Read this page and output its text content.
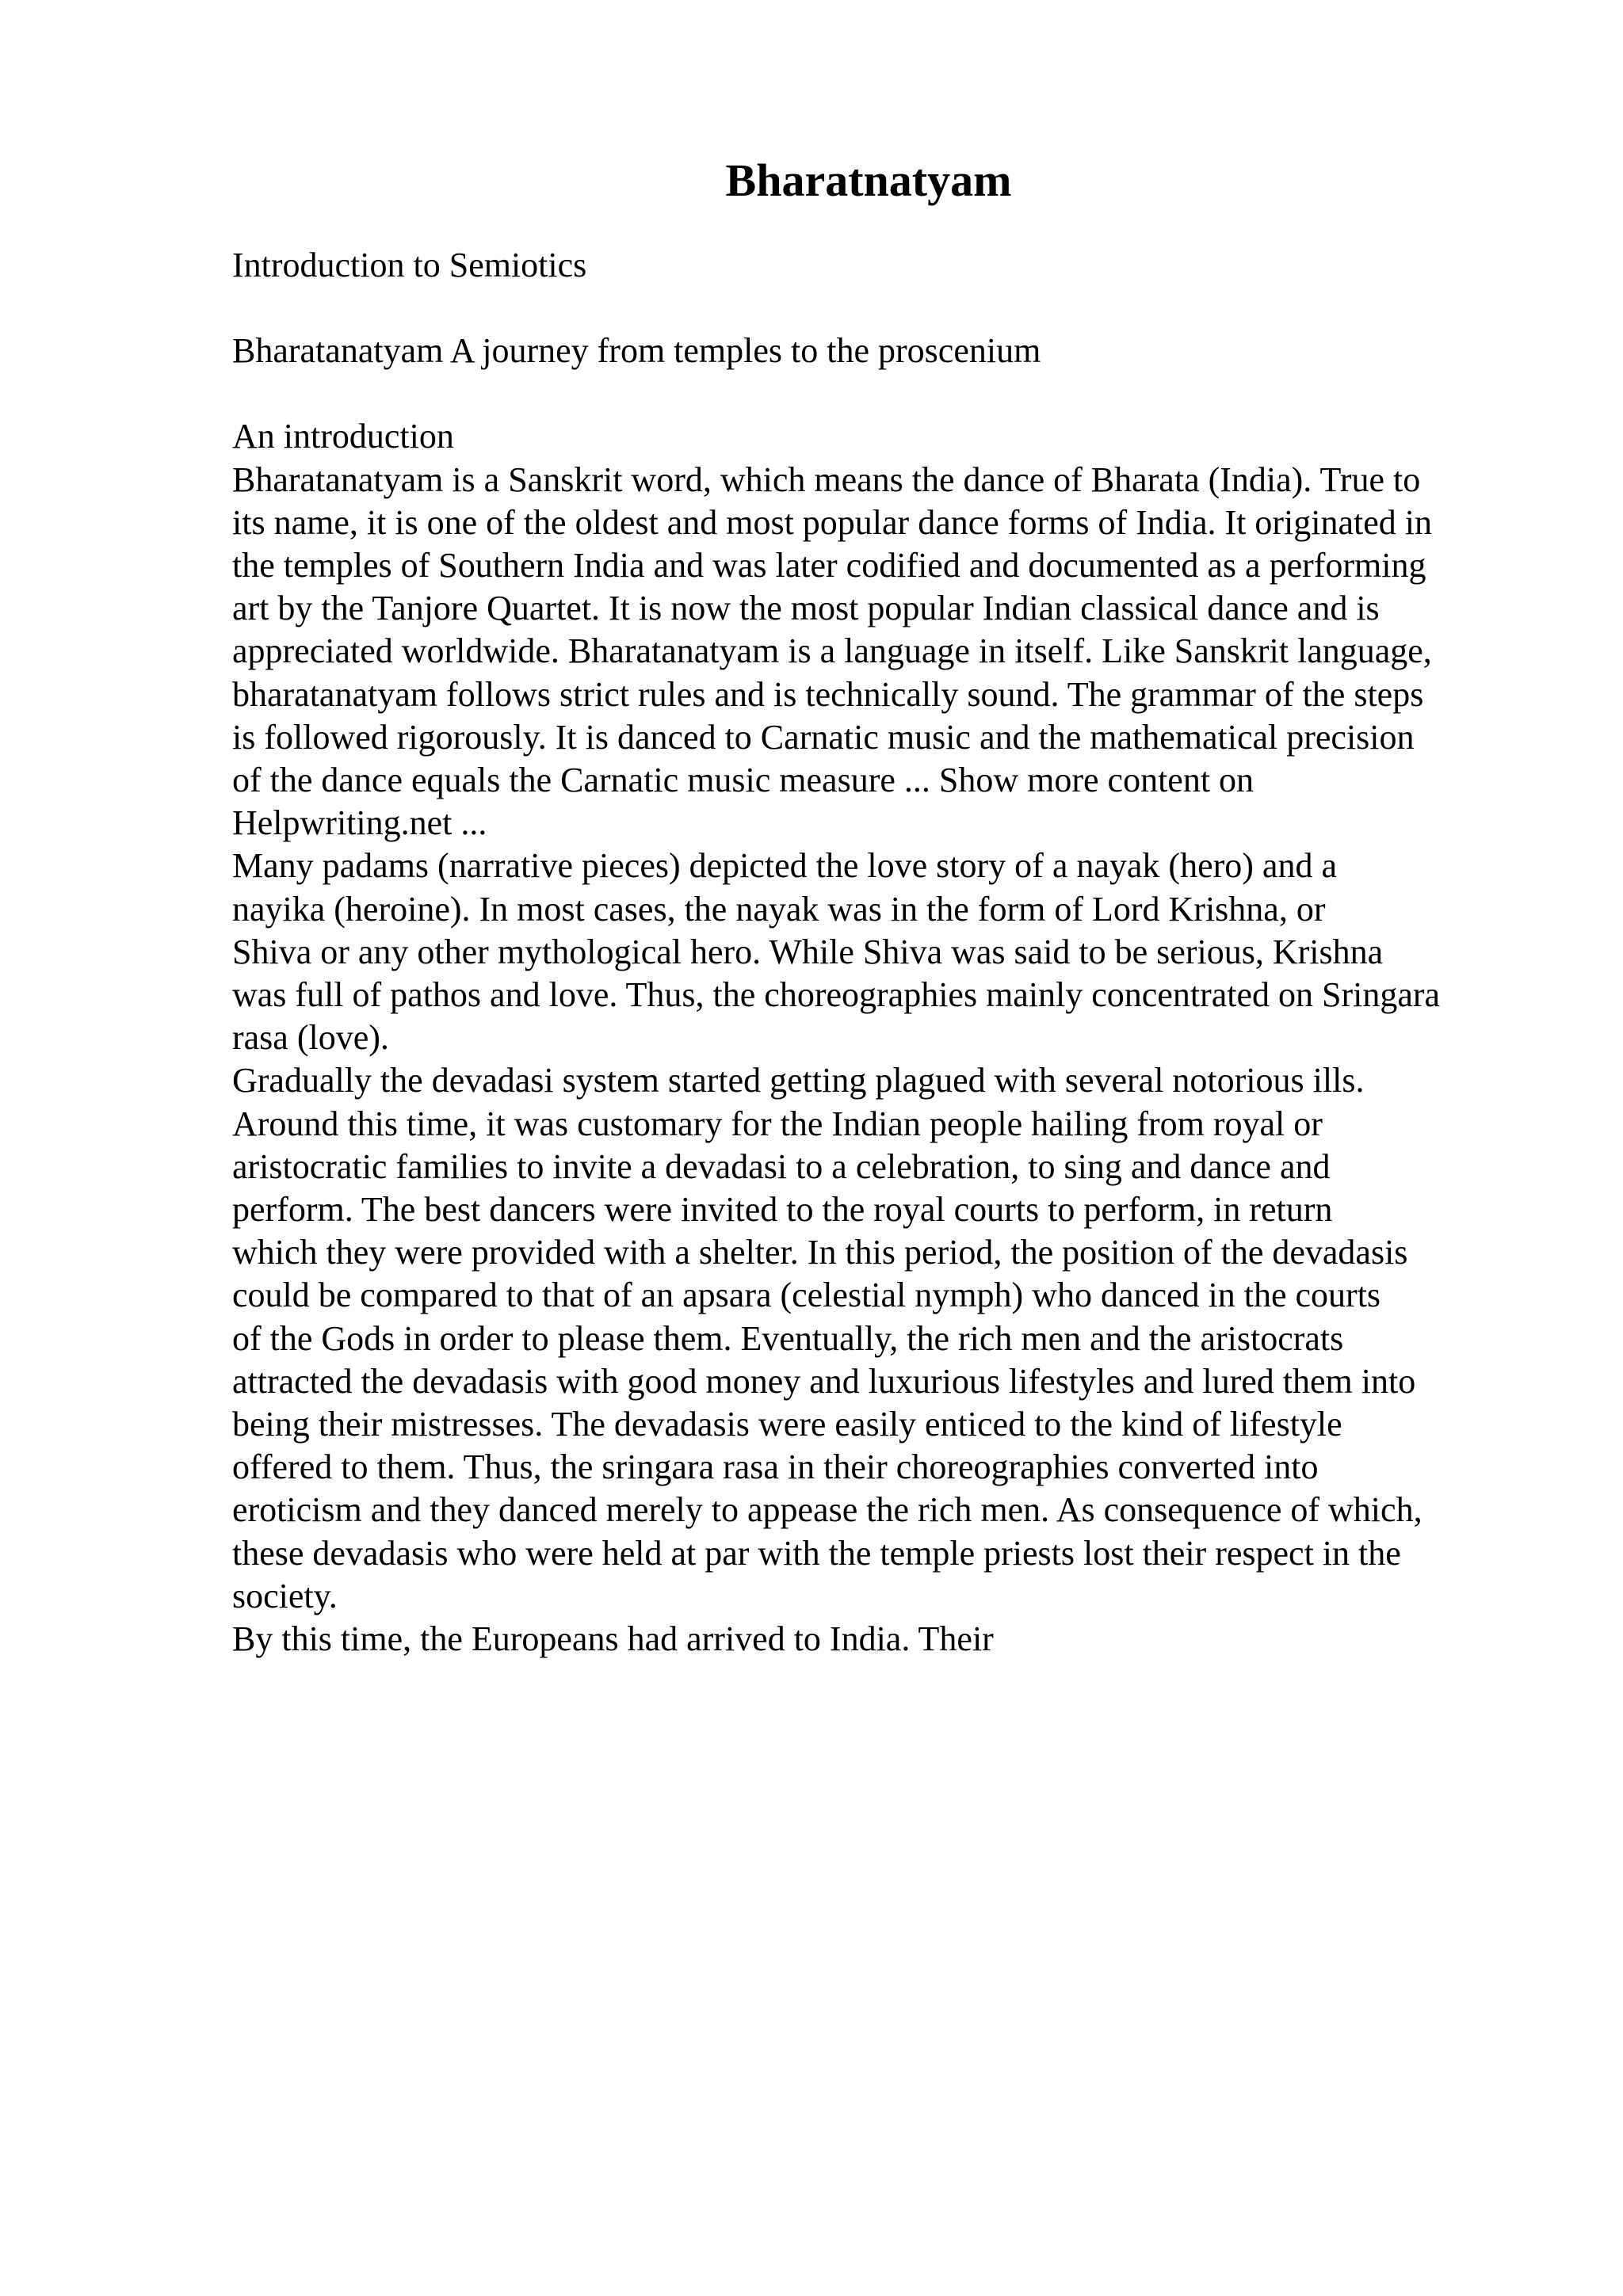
Bharatnatyam

Introduction to Semiotics

Bharatanatyam A journey from temples to the proscenium

An introduction

Bharatanatyam is a Sanskrit word, which means the dance of Bharata (India). True to
its name, it is one of the oldest and most popular dance forms of India. It originated in
the temples of Southern India and was later codified and documented as a performing
art by the Tanjore Quartet. It is now the most popular Indian classical dance and is
appreciated worldwide. Bharatanatyam is a language in itself. Like Sanskrit language,
bharatanatyam follows strict rules and is technically sound. The grammar of the steps
is followed rigorously. It is danced to Carnatic music and the mathematical precision
of the dance equals the Carnatic music measure ... Show more content on
Helpwriting.net ...
Many padams (narrative pieces) depicted the love story of a nayak (hero) and a
nayika (heroine). In most cases, the nayak was in the form of Lord Krishna, or
Shiva or any other mythological hero. While Shiva was said to be serious, Krishna
was full of pathos and love. Thus, the choreographies mainly concentrated on Sringara
rasa (love).
Gradually the devadasi system started getting plagued with several notorious ills.
Around this time, it was customary for the Indian people hailing from royal or
aristocratic families to invite a devadasi to a celebration, to sing and dance and
perform. The best dancers were invited to the royal courts to perform, in return
which they were provided with a shelter. In this period, the position of the devadasis
could be compared to that of an apsara (celestial nymph) who danced in the courts
of the Gods in order to please them. Eventually, the rich men and the aristocrats
attracted the devadasis with good money and luxurious lifestyles and lured them into
being their mistresses. The devadasis were easily enticed to the kind of lifestyle
offered to them. Thus, the sringara rasa in their choreographies converted into
eroticism and they danced merely to appease the rich men. As consequence of which,
these devadasis who were held at par with the temple priests lost their respect in the
society.
By this time, the Europeans had arrived to India. Their
